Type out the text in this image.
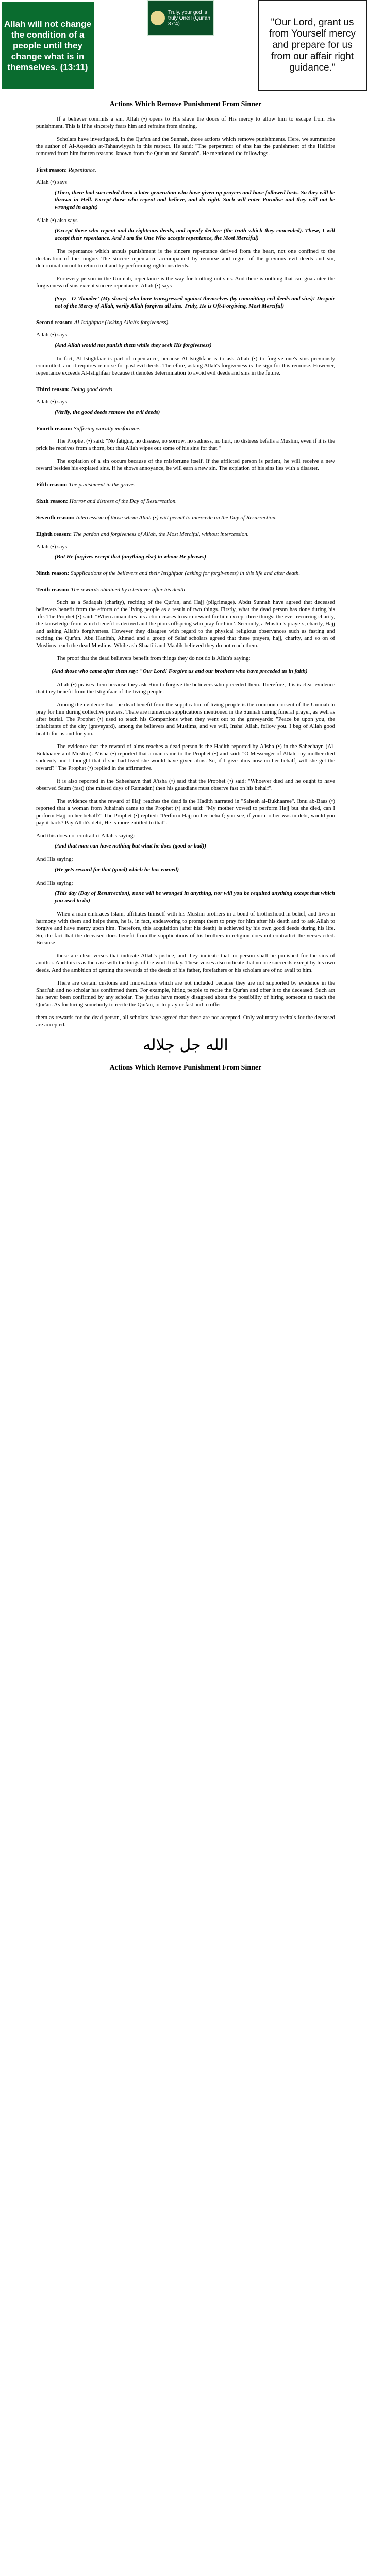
Allah will not change the condition of a people until they change what is in themselves. (13:11)
Truly, your god is truly One!! (Qur'an 37:4)	"Our Lord, grant us from Yourself mercy and prepare for us from our affair right guidance."
Actions Which Remove Punishment From Sinner

If a believer commits a sin, Allah (•) opens to His slave the doors of His mercy to allow him to escape from His punishment. This is if he sincerely fears him and refrains from sinning.

Scholars have investigated, in the Qur'an and the Sunnah, those actions which remove punishments. Here, we summarize the author of Al-Aqeedah at-Tahaawiyyah in this respect. He said: "The perpetrator of sins has the punishment of the Hellfire removed from him for ten reasons, known from the Qur'an and Sunnah". He mentioned the followings.

First reason: Repentance.

Allah (•) says

(Then, there had succeeded them a later generation who have given up prayers and have followed lusts. So they will be thrown in Hell. Except those who repent and believe, and do right. Such will enter Paradise and they will not be wronged in aught)

Allah (•) also says

(Except those who repent and do righteous deeds, and openly declare (the truth which they concealed). These, I will accept their repentance. And I am the One Who accepts repentance, the Most Merciful)

The repentance which annuls punishment is the sincere repentance derived from the heart, not one confined to the declaration of the tongue. The sincere repentance accompanied by remorse and regret of the previous evil deeds and sin, determination not to return to it and by performing righteous deeds.

For every person in the Ummah, repentance is the way for blotting out sins. And there is nothing that can guarantee the forgiveness of sins except sincere repentance. Allah (•) says

(Say: "O 'Ibaadee' (My slaves) who have transgressed against themselves (by committing evil deeds and sins)! Despair not of the Mercy of Allah, verily Allah forgives all sins. Truly, He is Oft-Forgiving, Most Merciful)

Second reason: Al-Istighfaar (Asking Allah's forgiveness).

Allah (•) says

(And Allah would not punish them while they seek His forgiveness)

In fact, Al-Istighfaar is part of repentance, because Al-Istighfaar is to ask Allah (•) to forgive one's sins previously committed, and it requires remorse for past evil deeds. Therefore, asking Allah's forgiveness is the sign for this remorse. However, repentance exceeds Al-Istighfaar because it denotes determination to avoid evil deeds and sins in the future.

Third reason: Doing good deeds

Allah (•) says

(Verily, the good deeds remove the evil deeds)

Fourth reason: Suffering worldly misfortune.

The Prophet (•) said: "No fatigue, no disease, no sorrow, no sadness, no hurt, no distress befalls a Muslim, even if it is the prick he receives from a thorn, but that Allah wipes out some of his sins for that."

The expiation of a sin occurs because of the misfortune itself. If the afflicted person is patient, he will receive a new reward besides his expiated sins. If he shows annoyance, he will earn a new sin. The expiation of his sins lies with a disaster.

Fifth reason: The punishment in the grave.
Sixth reason: Horror and distress of the Day of Resurrection.
Seventh reason: Intercession of those whom Allah (•) will permit to intercede on the Day of Resurrection.
Eighth reason: The pardon and forgiveness of Allah, the Most Merciful, without intercession.

Allah (•) says

(But He forgives except that (anything else) to whom He pleases)

Ninth reason: Supplications of the believers and their Istighfaar (asking for forgiveness) in this life and after death.
Tenth reason: The rewards obtained by a believer after his death

Such as a Sadaqah (charity), reciting of the Qur'an, and Hajj (pilgrimage). Abdu Sunnah have agreed that deceased believers benefit from the efforts of the living people as a result of two things. Firstly, what the dead person has done during his life. The Prophet (•) said: "When a man dies his action ceases to earn reward for him except three things: the ever-recurring charity, the knowledge from which benefit is derived and the pious offspring who pray for him". Secondly, a Muslim's prayers, charity, Hajj and asking Allah's forgiveness. However they disagree with regard to the physical religious observances such as fasting and reciting the Qur'an. Abu Hanifah, Ahmad and a group of Salaf scholars agreed that these prayers, hajj, charity, and so on of Muslims reach the dead Muslims. While ash-Shaafi'i and Maalik believed they do not reach them.

The proof that the dead believers benefit from things they do not do is Allah's saying:

(And those who came after them say: "Our Lord! Forgive us and our brothers who have preceded us in faith)

Allah (•) praises them because they ask Him to forgive the believers who preceded them. Therefore, this is clear evidence that they benefit from the Istighfaar of the living people.

Among the evidence that the dead benefit from the supplication of living people is the common consent of the Ummah to pray for him during collective prayers. There are numerous supplications mentioned in the Sunnah during funeral prayer, as well as after burial. The Prophet (•) used to teach his Companions when they went out to the graveyards: "Peace be upon you, the inhabitants of the city (graveyard), among the believers and Muslims, and we will, Insha' Allah, follow you. I beg of Allah good health for us and for you."

The evidence that the reward of alms reaches a dead person is the Hadith reported by A'isha (•) in the Saheehayn (Al-Bukhaaree and Muslim). A'isha (•) reported that a man came to the Prophet (•) and said: "O Messenger of Allah, my mother died suddenly and I thought that if she had lived she would have given alms. So, if I give alms now on her behalf, will she get the reward?" The Prophet (•) replied in the affirmative.

It is also reported in the Saheehayn that A'isha (•) said that the Prophet (•) said: "Whoever died and he ought to have observed Saum (fast) (the missed days of Ramadan) then his guardians must observe fast on his behalf".

The evidence that the reward of Hajj reaches the dead is the Hadith narrated in "Saheeh al-Bukhaaree". Ibnu ab-Baas (•) reported that a woman from Juhainah came to the Prophet (•) and said: "My mother vowed to perform Hajj but she died, can I perform Hajj on her behalf?" The Prophet (•) replied: "Perform Hajj on her behalf; you see, if your mother was in debt, would you pay it back? Pay Allah's debt, He is more entitled to that".

And this does not contradict Allah's saying:

(And that man can have nothing but what he does (good or bad))

And His saying:

(He gets reward for that (good) which he has earned)

And His saying:

(This day (Day of Resurrection), none will be wronged in anything, nor will you be requited anything except that which you used to do)

When a man embraces Islam, affiliates himself with his Muslim brothers in a bond of brotherhood in belief, and lives in harmony with them and helps them, he is, in fact, endeavoring to prompt them to pray for him after his death and to ask Allah to forgive and have mercy upon him. Therefore, this acquisition (after his death) is achieved by his own good deeds during his life. So, the fact that the deceased does benefit from the supplications of his brothers in religion does not contradict the verses cited. Because

these are clear verses that indicate Allah's justice, and they indicate that no person shall be punished for the sins of another. And this is as the case with the kings of the world today. These verses also indicate that no one succeeds except by his own deeds. And the ambition of getting the rewards of the deeds of his father, forefathers or his scholars are of no avail to him.

There are certain customs and innovations which are not included because they are not supported by evidence in the Shari'ah and no scholar has confirmed them. For example, hiring people to recite the Qur'an and offer it to the deceased. Such act has never been confirmed by any scholar. The jurists have mostly disagreed about the possibility of hiring someone to teach the Qur'an. As for hiring somebody to recite the Qur'an, or to pray or fast and to offer

them as rewards for the dead person, all scholars have agreed that these are not accepted. Only voluntary recitals for the deceased are accepted.

الله جل جلاله
Actions Which Remove Punishment From Sinner
